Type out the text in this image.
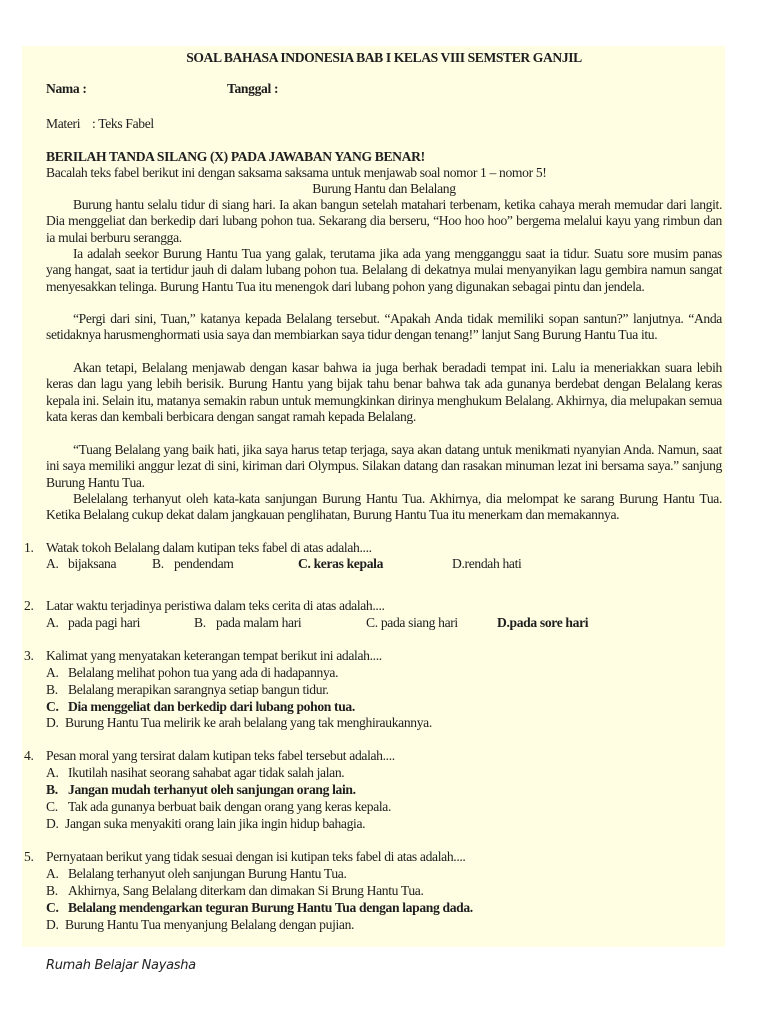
SOAL BAHASA INDONESIA BAB I KELAS VIII SEMSTER GANJIL
Nama :	Tanggal :
Materi : Teks Fabel
BERILAH TANDA SILANG (X) PADA JAWABAN YANG BENAR!
Bacalah teks fabel berikut ini dengan saksama saksama untuk menjawab soal nomor 1 – nomor 5!
Burung Hantu dan Belalang
Burung hantu selalu tidur di siang hari. Ia akan bangun setelah matahari terbenam, ketika cahaya merah memudar dari langit. Dia menggeliat dan berkedip dari lubang pohon tua. Sekarang dia berseru, “Hoo hoo hoo” bergema melalui kayu yang rimbun dan ia mulai berburu serangga.
Ia adalah seekor Burung Hantu Tua yang galak, terutama jika ada yang mengganggu saat ia tidur. Suatu sore musim panas yang hangat, saat ia tertidur jauh di dalam lubang pohon tua. Belalang di dekatnya mulai menyanyikan lagu gembira namun sangat menyesakkan telinga. Burung Hantu Tua itu menengok dari lubang pohon yang digunakan sebagai pintu dan jendela.
“Pergi dari sini, Tuan,” katanya kepada Belalang tersebut. “Apakah Anda tidak memiliki sopan santun?” lanjutnya. “Anda setidaknya harusmenghormati usia saya dan membiarkan saya tidur dengan tenang!” lanjut Sang Burung Hantu Tua itu.
Akan tetapi, Belalang menjawab dengan kasar bahwa ia juga berhak beradadi tempat ini. Lalu ia meneriakkan suara lebih keras dan lagu yang lebih berisik. Burung Hantu yang bijak tahu benar bahwa tak ada gunanya berdebat dengan Belalang keras kepala ini. Selain itu, matanya semakin rabun untuk memungkinkan dirinya menghukum Belalang. Akhirnya, dia melupakan semua kata keras dan kembali berbicara dengan sangat ramah kepada Belalang.
“Tuang Belalang yang baik hati, jika saya harus tetap terjaga, saya akan datang untuk menikmati nyanyian Anda. Namun, saat ini saya memiliki anggur lezat di sini, kiriman dari Olympus. Silakan datang dan rasakan minuman lezat ini bersama saya.” sanjung Burung Hantu Tua.
Belelalang terhanyut oleh kata-kata sanjungan Burung Hantu Tua. Akhirnya, dia melompat ke sarang Burung Hantu Tua. Ketika Belalang cukup dekat dalam jangkauan penglihatan, Burung Hantu Tua itu menerkam dan memakannya.
1. Watak tokoh Belalang dalam kutipan teks fabel di atas adalah....
A. bijaksana	B. pendendam	C. keras kepala	D.rendah hati
2. Latar waktu terjadinya peristiwa dalam teks cerita di atas adalah....
A. pada pagi hari	B. pada malam hari	C. pada siang hari	D.pada sore hari
3. Kalimat yang menyatakan keterangan tempat berikut ini adalah....
A. Belalang melihat pohon tua yang ada di hadapannya.
B. Belalang merapikan sarangnya setiap bangun tidur.
C. Dia menggeliat dan berkedip dari lubang pohon tua.
D. Burung Hantu Tua melirik ke arah belalang yang tak menghiraukannya.
4. Pesan moral yang tersirat dalam kutipan teks fabel tersebut adalah....
A. Ikutilah nasihat seorang sahabat agar tidak salah jalan.
B. Jangan mudah terhanyut oleh sanjungan orang lain.
C. Tak ada gunanya berbuat baik dengan orang yang keras kepala.
D. Jangan suka menyakiti orang lain jika ingin hidup bahagia.
5. Pernyataan berikut yang tidak sesuai dengan isi kutipan teks fabel di atas adalah....
A. Belalang terhanyut oleh sanjungan Burung Hantu Tua.
B. Akhirnya, Sang Belalang diterkam dan dimakan Si Brung Hantu Tua.
C. Belalang mendengarkan teguran Burung Hantu Tua dengan lapang dada.
D. Burung Hantu Tua menyanjung Belalang dengan pujian.
Rumah Belajar Nayasha
